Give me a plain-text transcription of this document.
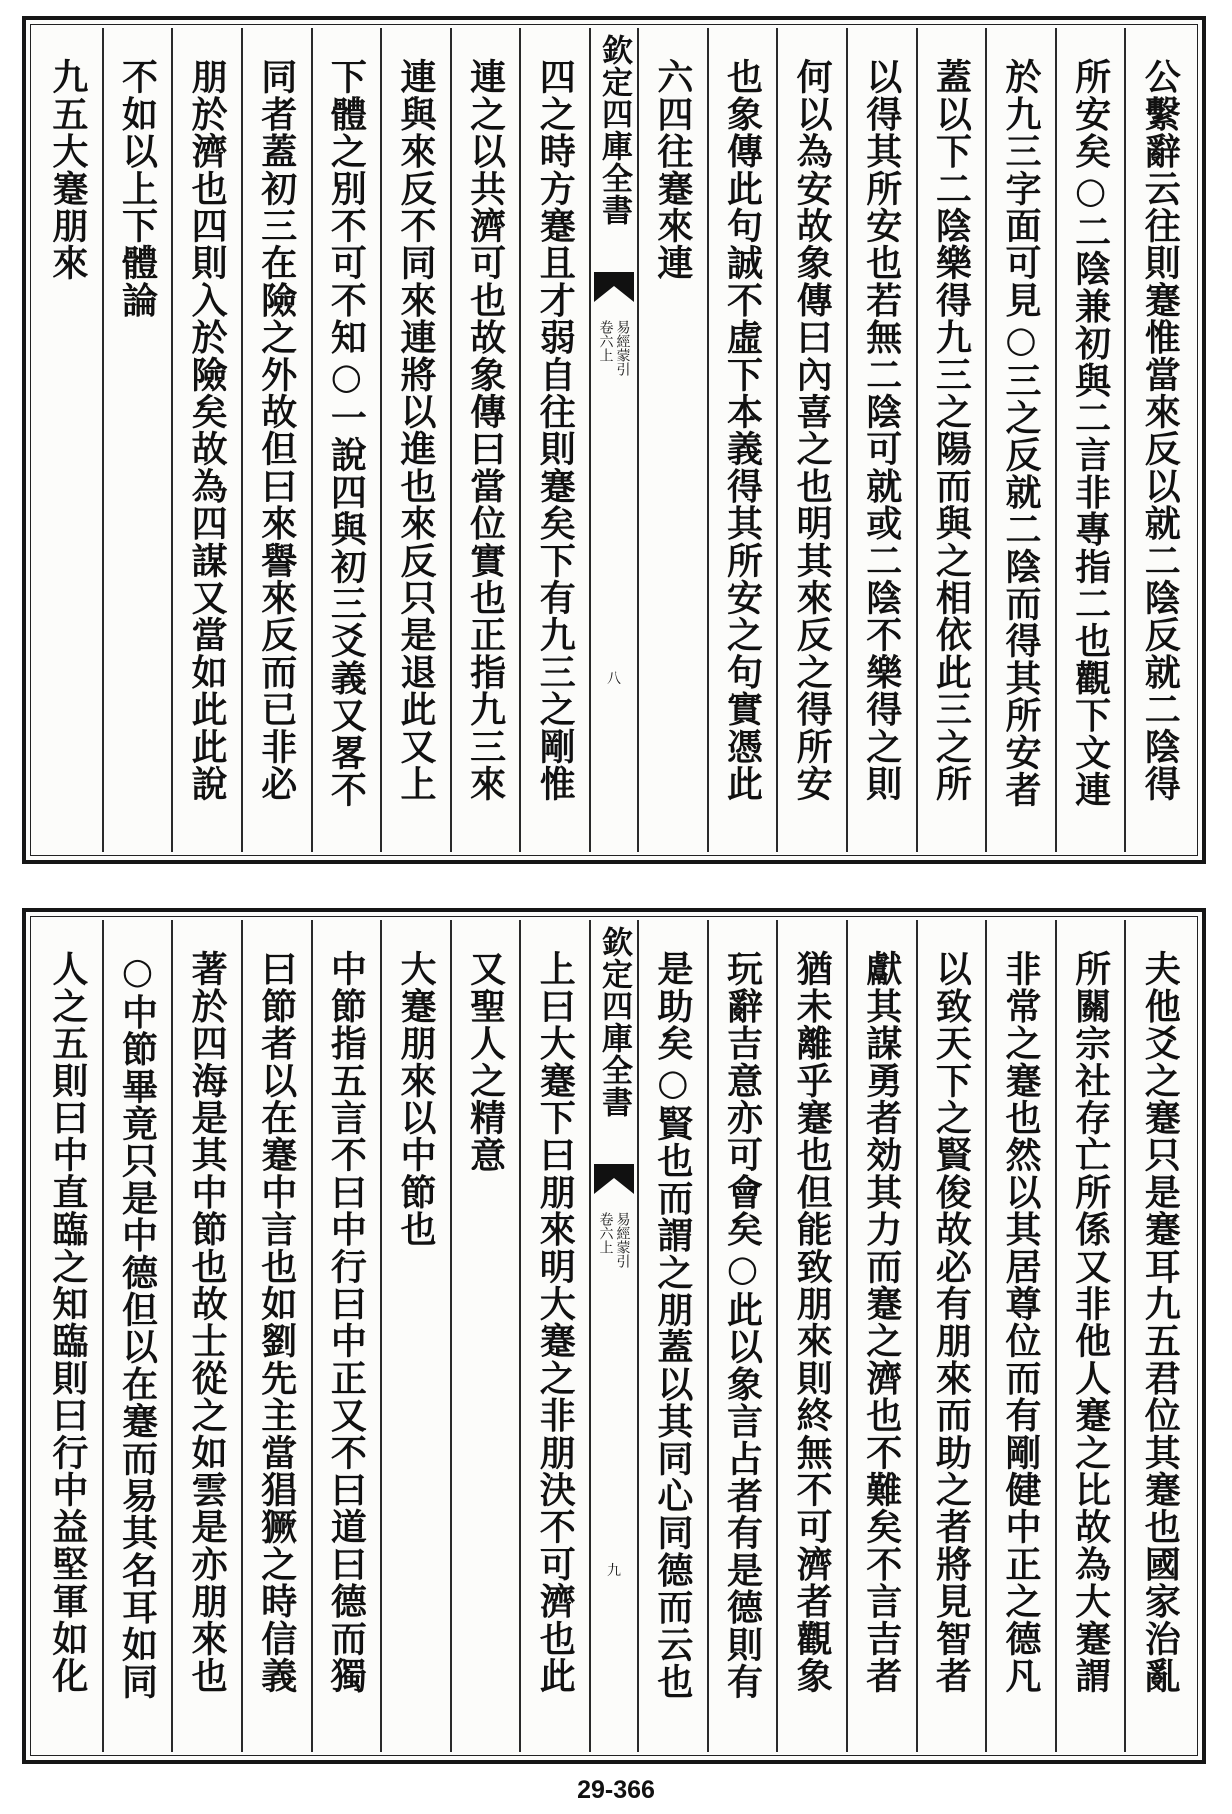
公繫辭云往則蹇惟當來反以就二陰反就二陰得
所安矣○二陰兼初與二言非專指二也觀下文連
於九三字面可見○三之反就二陰而得其所安者
蓋以下二陰樂得九三之陽而與之相依此三之所
以得其所安也若無二陰可就或二陰不樂得之則
何以為安故象傳曰內喜之也明其來反之得所安
也象傳此句誠不虛下本義得其所安之句實憑此
六四往蹇來連
欽定四庫全書
易經蒙引
卷六上
八
四之時方蹇且才弱自往則蹇矣下有九三之剛惟
連之以共濟可也故象傳曰當位實也正指九三來
連與來反不同來連將以進也來反只是退此又上
下體之別不可不知○一說四與初三爻義又畧不
同者蓋初三在險之外故但曰來譽來反而已非必
朋於濟也四則入於險矣故為四謀又當如此此說
不如以上下體論
九五大蹇朋來
夫他爻之蹇只是蹇耳九五君位其蹇也國家治亂
所關宗社存亡所係又非他人蹇之比故為大蹇謂
非常之蹇也然以其居尊位而有剛健中正之德凡
以致天下之賢俊故必有朋來而助之者將見智者
獻其謀勇者効其力而蹇之濟也不難矣不言吉者
猶未離乎蹇也但能致朋來則終無不可濟者觀象
玩辭吉意亦可會矣○此以象言占者有是德則有
是助矣○賢也而謂之朋蓋以其同心同德而云也
欽定四庫全書
易經蒙引
卷六上
九
上曰大蹇下曰朋來明大蹇之非朋決不可濟也此
又聖人之精意
大蹇朋來以中節也
中節指五言不曰中行曰中正又不曰道曰德而獨
曰節者以在蹇中言也如劉先主當猖獗之時信義
著於四海是其中節也故士從之如雲是亦朋來也
○中節畢竟只是中德但以在蹇而易其名耳如同
人之五則曰中直臨之知臨則曰行中益堅軍如化
29-366
